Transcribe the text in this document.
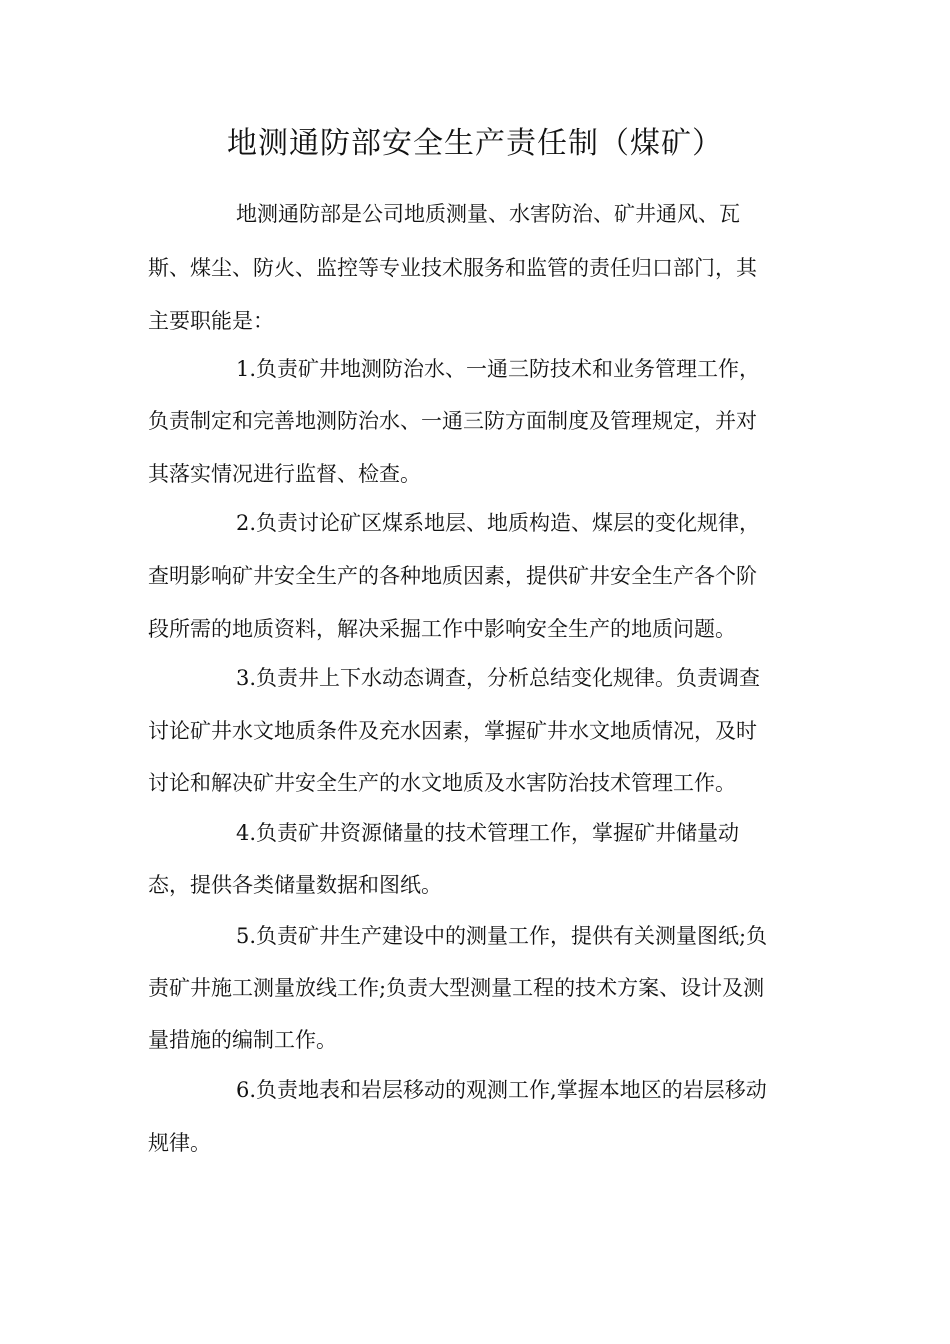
地测通防部安全生产责任制（煤矿）
地测通防部是公司地质测量、水害防治、矿井通风、瓦
斯、煤尘、防火、监控等专业技术服务和监管的责任归口部门，其
主要职能是：
1.负责矿井地测防治水、一通三防技术和业务管理工作，
负责制定和完善地测防治水、一通三防方面制度及管理规定，并对
其落实情况进行监督、检查。
2.负责讨论矿区煤系地层、地质构造、煤层的变化规律，
查明影响矿井安全生产的各种地质因素，提供矿井安全生产各个阶
段所需的地质资料，解决采掘工作中影响安全生产的地质问题。
3.负责井上下水动态调查，分析总结变化规律。负责调查
讨论矿井水文地质条件及充水因素，掌握矿井水文地质情况，及时
讨论和解决矿井安全生产的水文地质及水害防治技术管理工作。
4.负责矿井资源储量的技术管理工作，掌握矿井储量动
态，提供各类储量数据和图纸。
5.负责矿井生产建设中的测量工作，提供有关测量图纸;负
责矿井施工测量放线工作;负责大型测量工程的技术方案、设计及测
量措施的编制工作。
6.负责地表和岩层移动的观测工作,掌握本地区的岩层移动
规律。
